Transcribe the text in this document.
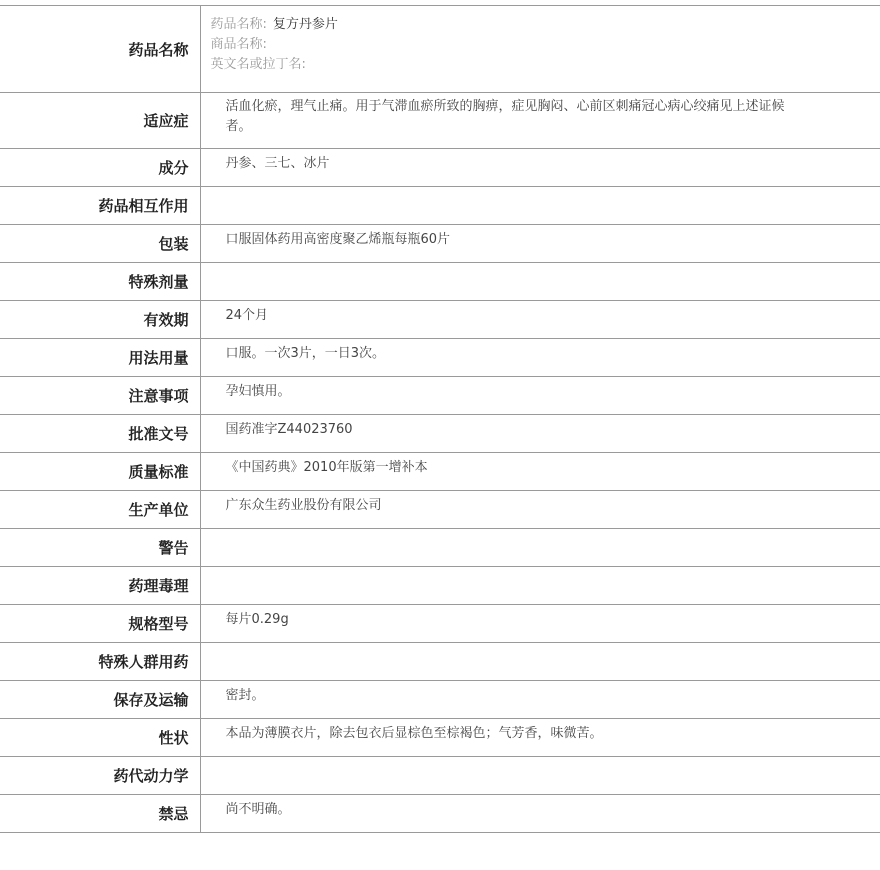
药品名称	药品名称: 复方丹参片
商品名称:
英文名或拉丁名:

适应症	活血化瘀，理气止痛。用于气滞血瘀所致的胸痹，症见胸闷、心前区刺痛冠心病心绞痛见上述证候者。
成分	丹参、三七、冰片
药品相互作用	
包装	口服固体药用高密度聚乙烯瓶每瓶60片
特殊剂量	
有效期	24个月
用法用量	口服。一次3片，一日3次。
注意事项	孕妇慎用。
批准文号	国药准字Z44023760
质量标准	《中国药典》2010年版第一增补本
生产单位	广东众生药业股份有限公司
警告	
药理毒理	
规格型号	每片0.29g
特殊人群用药	
保存及运输	密封。
性状	本品为薄膜衣片，除去包衣后显棕色至棕褐色；气芳香，味微苦。
药代动力学	
禁忌	尚不明确。
